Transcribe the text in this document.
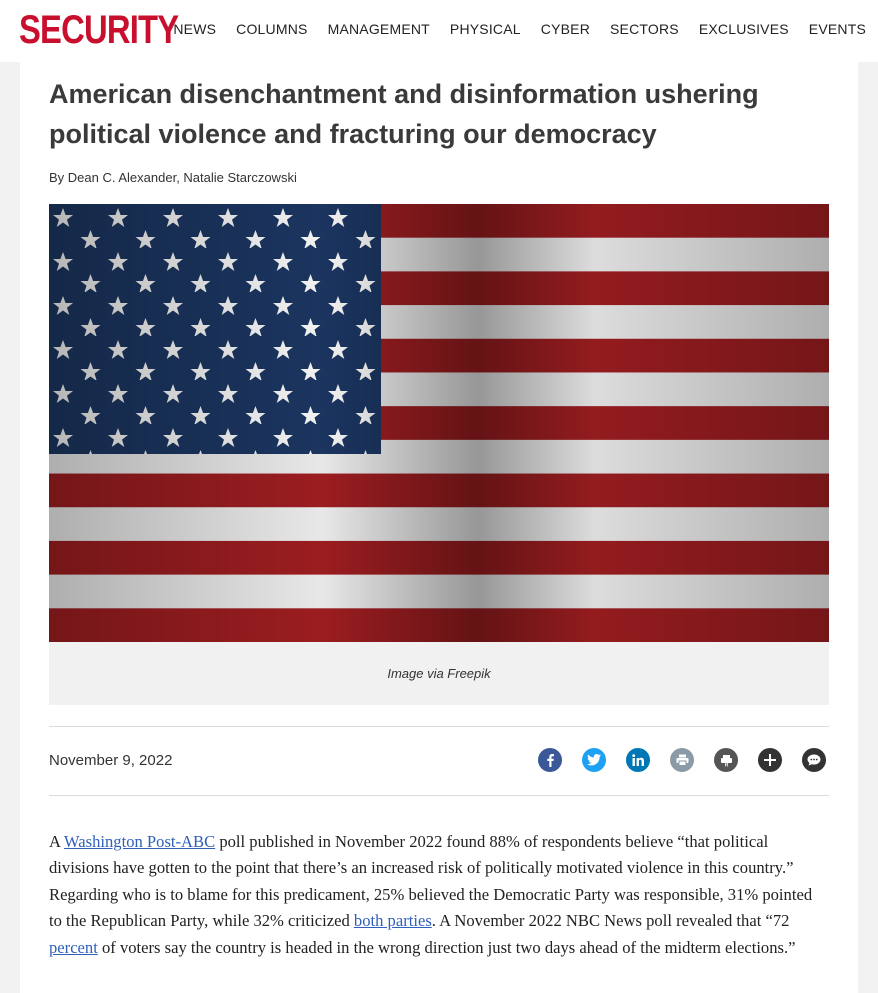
SECURITY
NEWS COLUMNS MANAGEMENT PHYSICAL CYBER SECTORS EXCLUSIVES EVENTS
American disenchantment and disinformation ushering political violence and fracturing our democracy
By Dean C. Alexander, Natalie Starczowski
Image via Freepik
November 9, 2022	R

A Washington Post-ABC poll published in November 2022 found 88% of respondents believe “that political divisions have gotten to the point that there’s an increased risk of politically motivated violence in this country.” Regarding who is to blame for this predicament, 25% believed the Democratic Party was responsible, 31% pointed to the Republican Party, while 32% criticized both parties. A November 2022 NBC News poll revealed that “72 percent of voters say the country is headed in the wrong direction just two days ahead of the midterm elections.”
